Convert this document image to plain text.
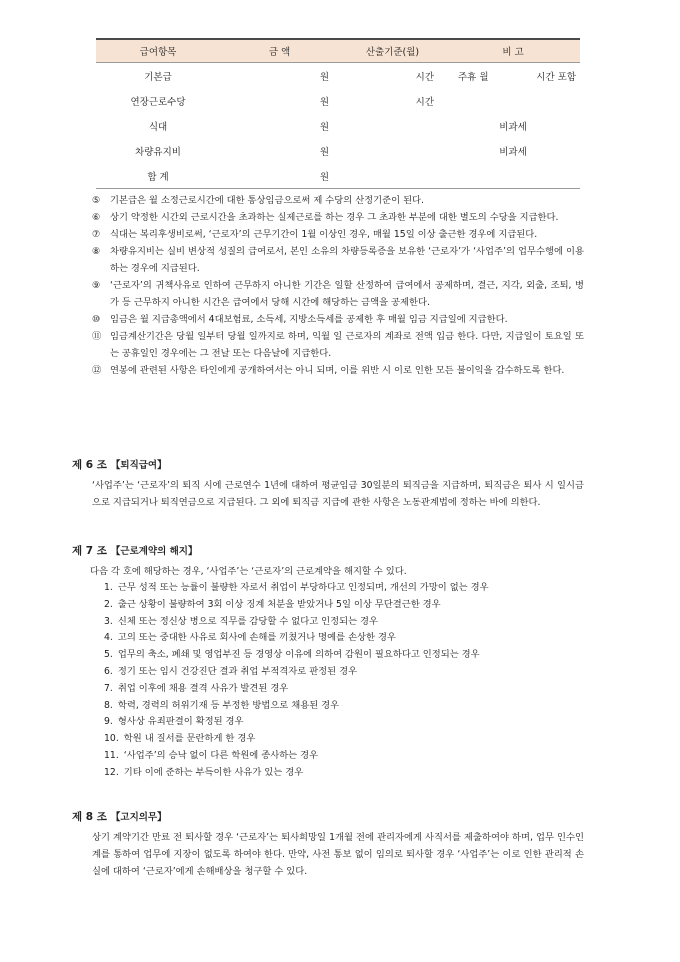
급여항목	금 액	산출기준(월)	비 고
기본급	원	시간	주휴 월 시간 포함

연장근로수당	원	시간	
식대	원		비과세
차량유지비	원		비과세
합 계	원		
⑤	기본급은 월 소정근로시간에 대한 통상임금으로써 제 수당의 산정기준이 된다.
⑥	상기 약정한 시간외 근로시간을 초과하는 실제근로를 하는 경우 그 초과한 부분에 대한 별도의 수당을 지급한다.
⑦	식대는 복리후생비로써, ‘근로자’의 근무기간이 1월 이상인 경우, 매월 15일 이상 출근한 경우에 지급된다.
⑧	차량유지비는 실비 변상적 성질의 급여로서, 본인 소유의 차량등록증을 보유한 ‘근로자’가 ‘사업주’의 업무수행에 이용하는 경우에 지급된다.
⑨	‘근로자’의 귀책사유로 인하여 근무하지 아니한 기간은 일할 산정하여 급여에서 공제하며, 결근, 지각, 외출, 조퇴, 병가 등 근무하지 아니한 시간은 급여에서 당해 시간에 해당하는 금액을 공제한다.
⑩	임금은 월 지급총액에서 4대보험료, 소득세, 지방소득세를 공제한 후 매월 임금 지급일에 지급한다.
⑪ 임금계산기간은 당월 일부터 당월 일까지로 하며, 익월 일 근로자의 계좌로 전액 입금 한다. 다만, 지급일이 토요일 또는 공휴일인 경우에는 그 전날 또는 다음날에 지급한다.
⑫ 연봉에 관련된 사항은 타인에게 공개하여서는 아니 되며, 이를 위반 시 이로 인한 모든 불이익을 감수하도록 한다.
제 6 조 【퇴직급여】
‘사업주’는 ‘근로자’의 퇴직 시에 근로연수 1년에 대하여 평균임금 30일분의 퇴직금을 지급하며, 퇴직금은 퇴사 시 일시금으로 지급되거나 퇴직연금으로 지급된다. 그 외에 퇴직금 지급에 관한 사항은 노동관계법에 정하는 바에 의한다.
제 7 조 【근로계약의 해지】
다음 각 호에 해당하는 경우, ‘사업주’는 ‘근로자’의 근로계약을 해지할 수 있다.
1. 근무 성적 또는 능률이 불량한 자로서 취업이 부당하다고 인정되며, 개선의 가망이 없는 경우
2. 출근 상황이 불량하여 3회 이상 징계 처분을 받았거나 5일 이상 무단결근한 경우
3. 신체 또는 정신상 병으로 직무를 감당할 수 없다고 인정되는 경우
4. 고의 또는 중대한 사유로 회사에 손해를 끼쳤거나 명예를 손상한 경우
5. 업무의 축소, 폐쇄 및 영업부진 등 경영상 이유에 의하여 감원이 필요하다고 인정되는 경우
6. 정기 또는 임시 건강진단 결과 취업 부적격자로 판정된 경우
7. 취업 이후에 채용 결격 사유가 발견된 경우
8. 학력, 경력의 허위기재 등 부정한 방법으로 채용된 경우
9. 형사상 유죄판결이 확정된 경우
10. 학원 내 질서를 문란하게 한 경우
11. ‘사업주’의 승낙 없이 다른 학원에 종사하는 경우
12. 기타 이에 준하는 부득이한 사유가 있는 경우
제 8 조 【고지의무】
상기 계약기간 만료 전 퇴사할 경우 ‘근로자’는 퇴사희망일 1개월 전에 관리자에게 사직서를 제출하여야 하며, 업무 인수인계를 통하여 업무에 지장이 없도록 하여야 한다. 만약, 사전 통보 없이 임의로 퇴사할 경우 ‘사업주’는 이로 인한 관리적 손실에 대하여 ‘근로자’에게 손해배상을 청구할 수 있다.
